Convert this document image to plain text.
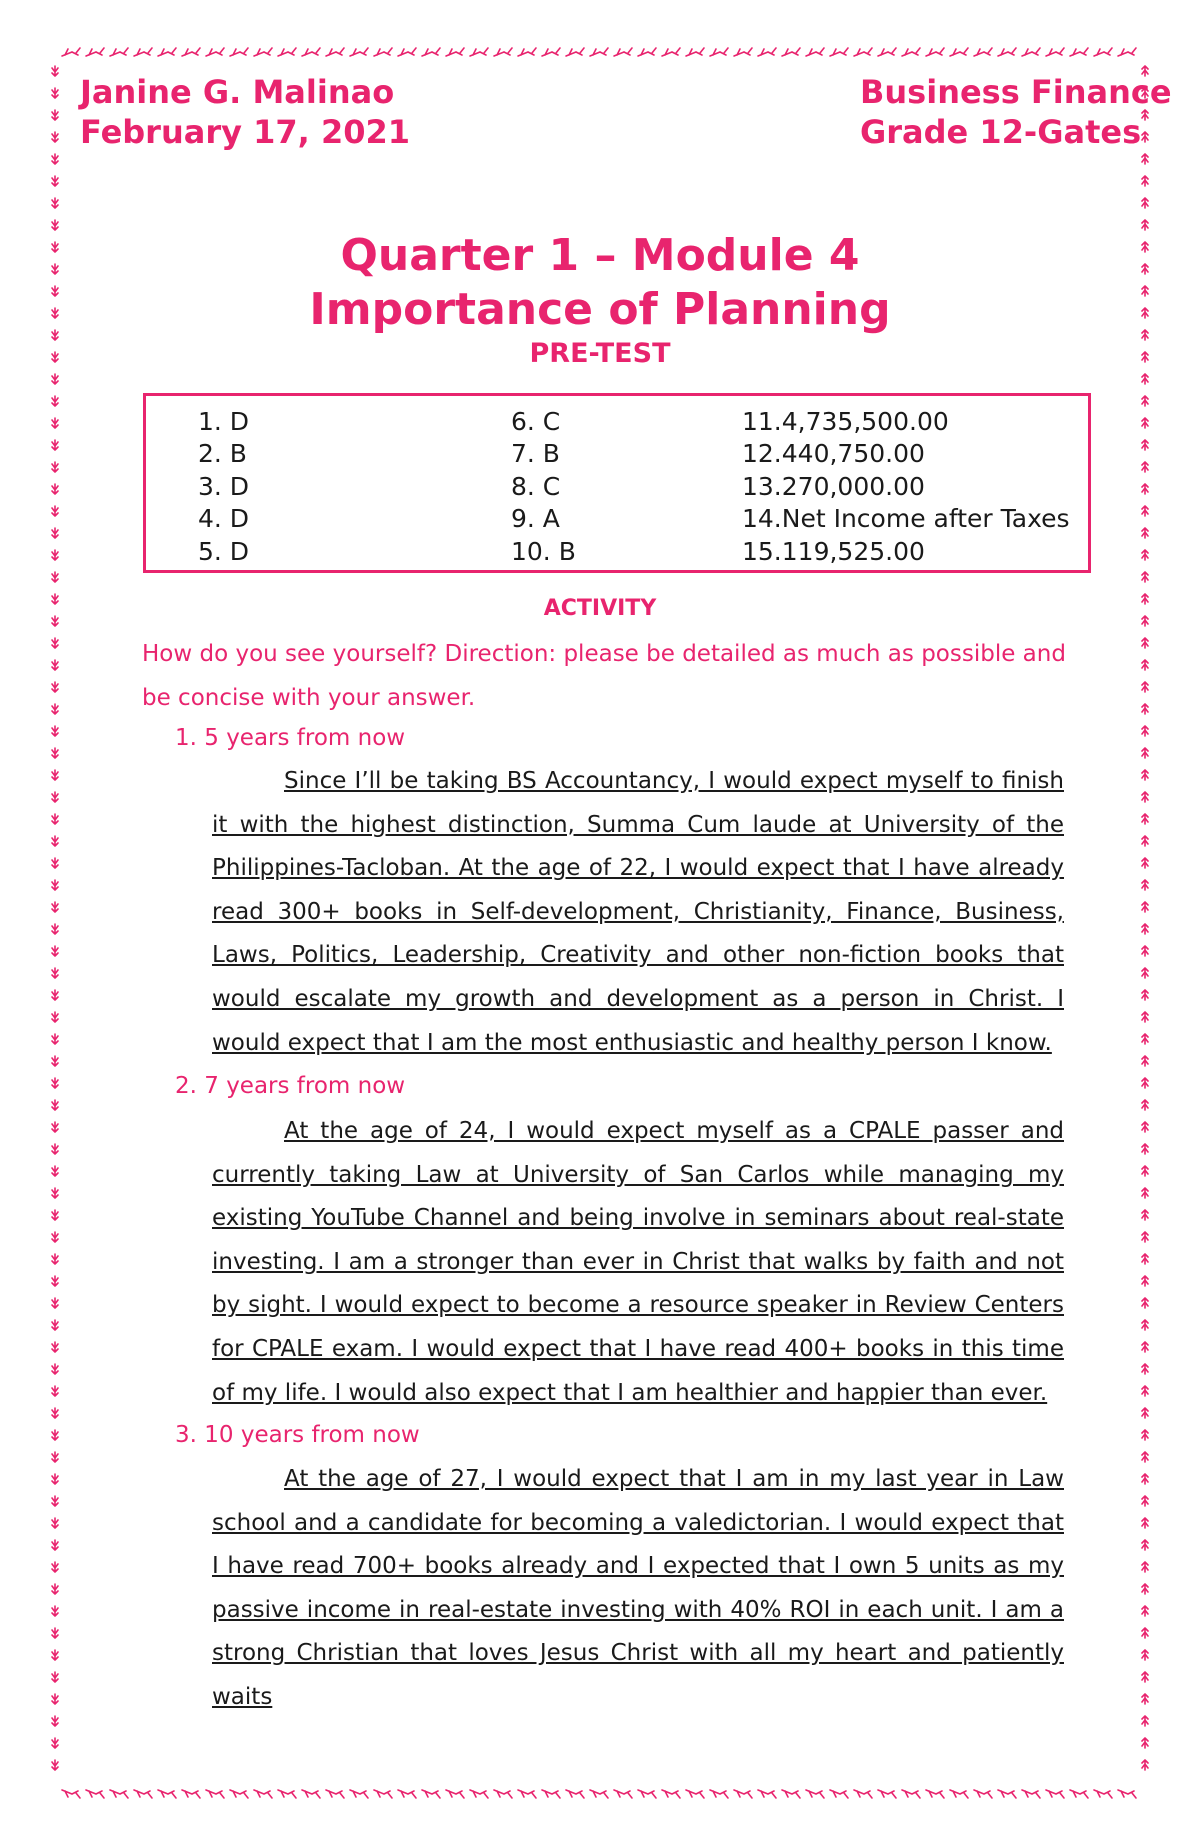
Janine G. Malinao
February 17, 2021
Business Finance
Grade 12-Gates
Quarter 1 – Module 4
Importance of Planning
PRE-TEST
1. D
2. B
3. D
4. D
5. D
6. C
7. B
8. C
9. A
10. B
11.4,735,500.00
12.440,750.00
13.270,000.00
14.Net Income after Taxes
15.119,525.00
ACTIVITY
How do you see yourself? Direction: please be detailed as much as possible and be concise with your answer.
1. 5 years from now

Since I’ll be taking BS Accountancy, I would expect myself to finish it with the highest distinction, Summa Cum laude at University of the Philippines-Tacloban. At the age of 22, I would expect that I have already read 300+ books in Self-development, Christianity, Finance, Business, Laws, Politics, Leadership, Creativity and other non-fiction books that would escalate my growth and development as a person in Christ. I would expect that I am the most enthusiastic and healthy person I know.

2. 7 years from now

At the age of 24, I would expect myself as a CPALE passer and currently taking Law at University of San Carlos while managing my existing YouTube Channel and being involve in seminars about real-state investing. I am a stronger than ever in Christ that walks by faith and not by sight. I would expect to become a resource speaker in Review Centers for CPALE exam. I would expect that I have read 400+ books in this time of my life. I would also expect that I am healthier and happier than ever.

3. 10 years from now

At the age of 27, I would expect that I am in my last year in Law school and a candidate for becoming a valedictorian. I would expect that I have read 700+ books already and I expected that I own 5 units as my passive income in real-estate investing with 40% ROI in each unit. I am a strong Christian that loves Jesus Christ with all my heart and patiently waits
